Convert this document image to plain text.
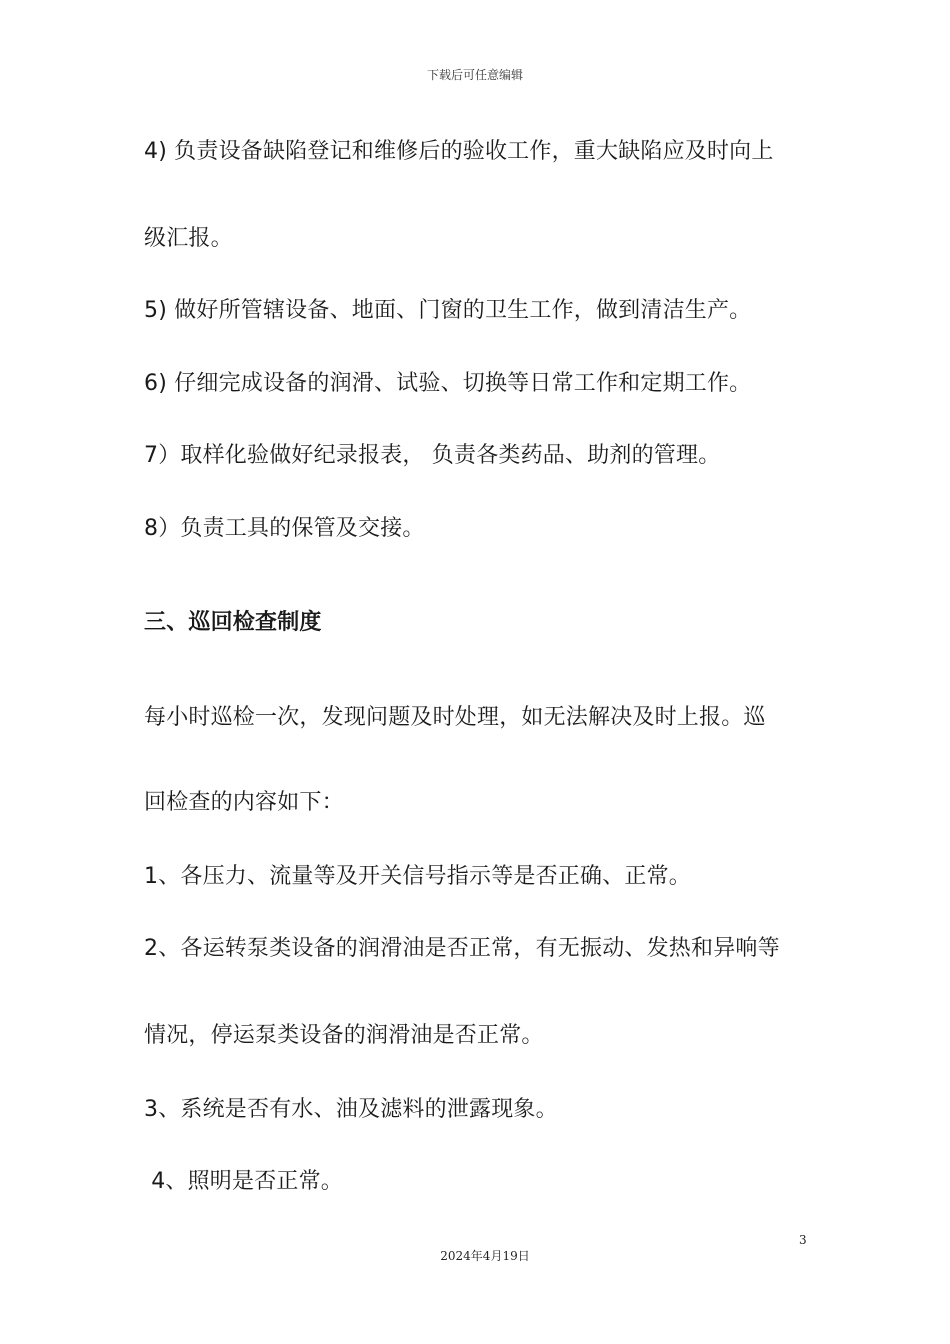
下载后可任意编辑
4) 负责设备缺陷登记和维修后的验收工作，重大缺陷应及时向上
级汇报。
5) 做好所管辖设备、地面、门窗的卫生工作，做到清洁生产。
6) 仔细完成设备的润滑、试验、切换等日常工作和定期工作。
7）取样化验做好纪录报表， 负责各类药品、助剂的管理。
8）负责工具的保管及交接。
三、巡回检查制度
每小时巡检一次，发现问题及时处理，如无法解决及时上报。巡
回检查的内容如下：
1、各压力、流量等及开关信号指示等是否正确、正常。
2、各运转泵类设备的润滑油是否正常，有无振动、发热和异响等
情况，停运泵类设备的润滑油是否正常。
3、系统是否有水、油及滤料的泄露现象。
4、照明是否正常。
3
2024年4月19日
